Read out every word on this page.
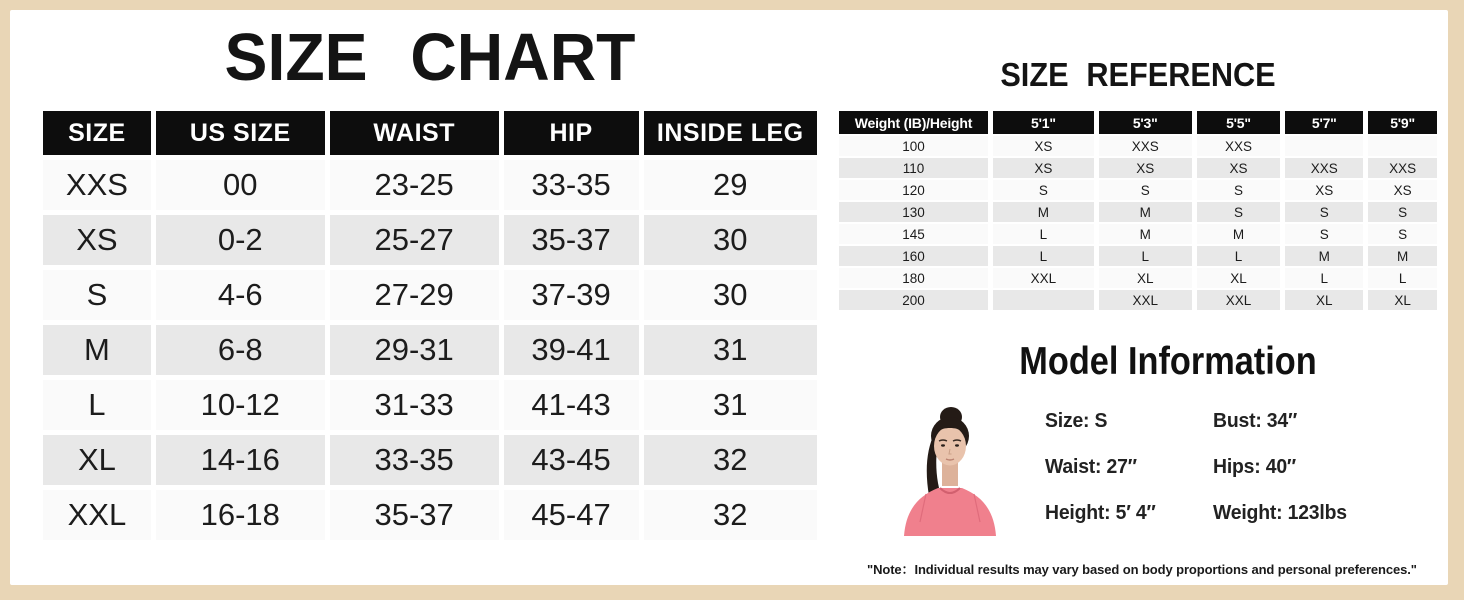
SIZE CHART
SIZE	US SIZE	WAIST	HIP	INSIDE LEG
XXS	00	23-25	33-35	29
XS	0-2	25-27	35-37	30
S	4-6	27-29	37-39	30
M	6-8	29-31	39-41	31
L	10-12	31-33	41-43	31
XL	14-16	33-35	43-45	32
XXL	16-18	35-37	45-47	32
SIZE REFERENCE
Weight (IB)/Height	5'1"	5'3"	5'5"	5'7"	5'9"
100	XS	XXS	XXS		
110	XS	XS	XS	XXS	XXS
120	S	S	S	XS	XS
130	M	M	S	S	S
145	L	M	M	S	S
160	L	L	L	M	M
180	XXL	XL	XL	L	L
200		XXL	XXL	XL	XL
Model Information
Size: S
Waist: 27″
Height: 5′ 4″
Bust: 34″
Hips: 40″
Weight: 123lbs
"Note：Individual results may vary based on body proportions and personal preferences."
